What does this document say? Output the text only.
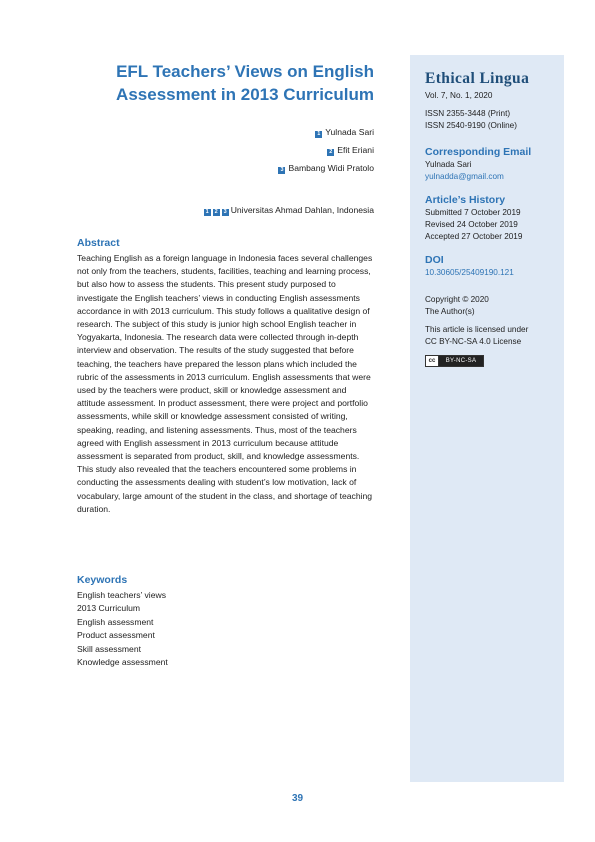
EFL Teachers’ Views on English
Assessment in 2013 Curriculum
1 Yulnada Sari
2 Efit Eriani
3 Bambang Widi Pratolo
1 2 3 Universitas Ahmad Dahlan, Indonesia
Abstract

Teaching English as a foreign language in Indonesia faces several challenges not only from the teachers, students, facilities, teaching and learning process, but also how to assess the students. This present study purposed to investigate the English teachers’ views in conducting English assessments accordance in with 2013 curriculum. This study follows a qualitative design of research. The subject of this study is junior high school English teacher in Yogyakarta, Indonesia. The research data were collected through in-depth interview and observation. The results of the study suggested that before teaching, the teachers have prepared the lesson plans which included the rubric of the assessments in 2013 curriculum. English assessments that were used by the teachers were product, skill or knowledge assessment and attitude assessment. In product assessment, there were project and portfolio assessments, while skill or knowledge assessment consisted of writing, speaking, reading, and listening assessments. Thus, most of the teachers agreed with English assessment in 2013 curriculum because attitude assessment is separated from product, skill, and knowledge assessments. This study also revealed that the teachers encountered some problems in conducting the assessments dealing with student’s low motivation, lack of vocabulary, large amount of the student in the class, and shortage of teaching duration.

Keywords
English teachers’ views
2013 Curriculum
English assessment
Product assessment
Skill assessment
Knowledge assessment
Ethical Lingua

Vol. 7, No. 1, 2020

ISSN 2355-3448 (Print)

ISSN 2540-9190 (Online)

Corresponding Email

Yulnada Sari

yulnadda@gmail.com

Article’s History

Submitted 7 October 2019

Revised 24 October 2019

Accepted 27 October 2019

DOI

10.30605/25409190.121

Copyright © 2020

The Author(s)

This article is licensed under

CC BY-NC-SA 4.0 License

cc	BY-NC-SA
39
